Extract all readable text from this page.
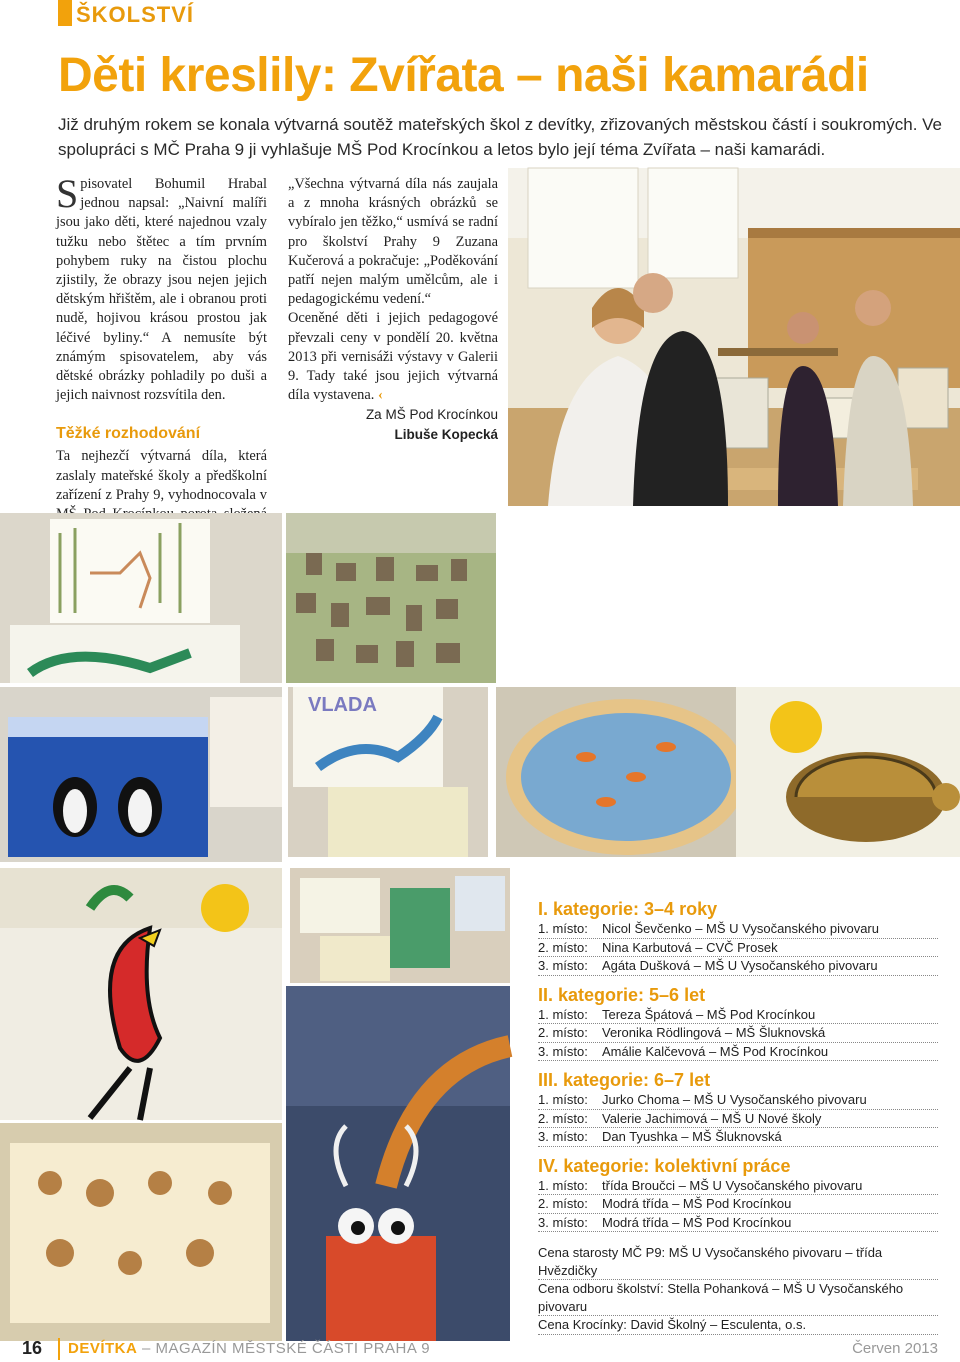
ŠKOLSTVÍ
Děti kreslily: Zvířata – naši kamarádi

Již druhým rokem se konala výtvarná soutěž mateřských škol z devítky, zřizovaných městskou částí i soukromých. Ve spolupráci s MČ Praha 9 ji vyhlašuje MŠ Pod Krocínkou a letos bylo její téma Zvířata – naši kamarádi.

Spisovatel Bohumil Hrabal jednou napsal: „Naivní malíři jsou jako děti, které najednou vzaly tužku nebo štětec a tím prvním pohybem ruky na čistou plochu zjistily, že obrazy jsou nejen jejich dětským hřištěm, ale i obranou proti nudě, hojivou krásou prostou jak léčivé byliny.“ A nemusíte být známým spisovatelem, aby vás dětské obrázky pohladily po duši a jejich naivnost rozsvítila den.

Těžké rozhodování

Ta nejhezčí výtvarná díla, která zaslaly mateřské školy a předškolní zařízení z Prahy 9, vyhodnocovala v

„Všechna výtvarná díla nás zaujala a z mnoha krásných obrázků se vybíralo jen těžko,“ usmívá se radní pro školství Prahy 9 Zuzana Kučerová a pokračuje: „Poděkování patří nejen malým umělcům, ale i pedagogickému vedení.“

Oceněné děti i jejich pedagogové převzali ceny v pondělí 20. května 2013 při vernisáži výstavy v Galerii 9. Tady také jsou jejich výtvarná díla vystavena. ‹

Za MŠ Pod Krocínkou

Libuše Kopecká

VLADA
I. kategorie: 3–4 roky
1. místo:	Nicol Ševčenko – MŠ U Vysočanského pivovaru
2. místo:	Nina Karbutová – CVČ Prosek
3. místo:	Agáta Dušková – MŠ U Vysočanského pivovaru
II. kategorie: 5–6 let
1. místo:	Tereza Špátová – MŠ Pod Krocínkou
2. místo:	Veronika Rödlingová – MŠ Šluknovská
3. místo:	Amálie Kalčevová – MŠ Pod Krocínkou
III. kategorie: 6–7 let
1. místo:	Jurko Choma – MŠ U Vysočanského pivovaru
2. místo:	Valerie Jachimová – MŠ U Nové školy
3. místo:	Dan Tyushka – MŠ Šluknovská
IV. kategorie: kolektivní práce
1. místo:	třída Broučci – MŠ U Vysočanského pivovaru
2. místo:	Modrá třída – MŠ Pod Krocínkou
3. místo:	Modrá třída – MŠ Pod Krocínkou
Cena starosty MČ P9: MŠ U Vysočanského pivovaru – třída Hvězdičky
Cena odboru školství: Stella Pohanková – MŠ U Vysočanského pivovaru
Cena Krocínky: David Školný – Esculenta, o.s.
16 DEVÍTKA – MAGAZÍN MĚSTSKÉ ČÁSTI PRAHA 9	Červen 2013
